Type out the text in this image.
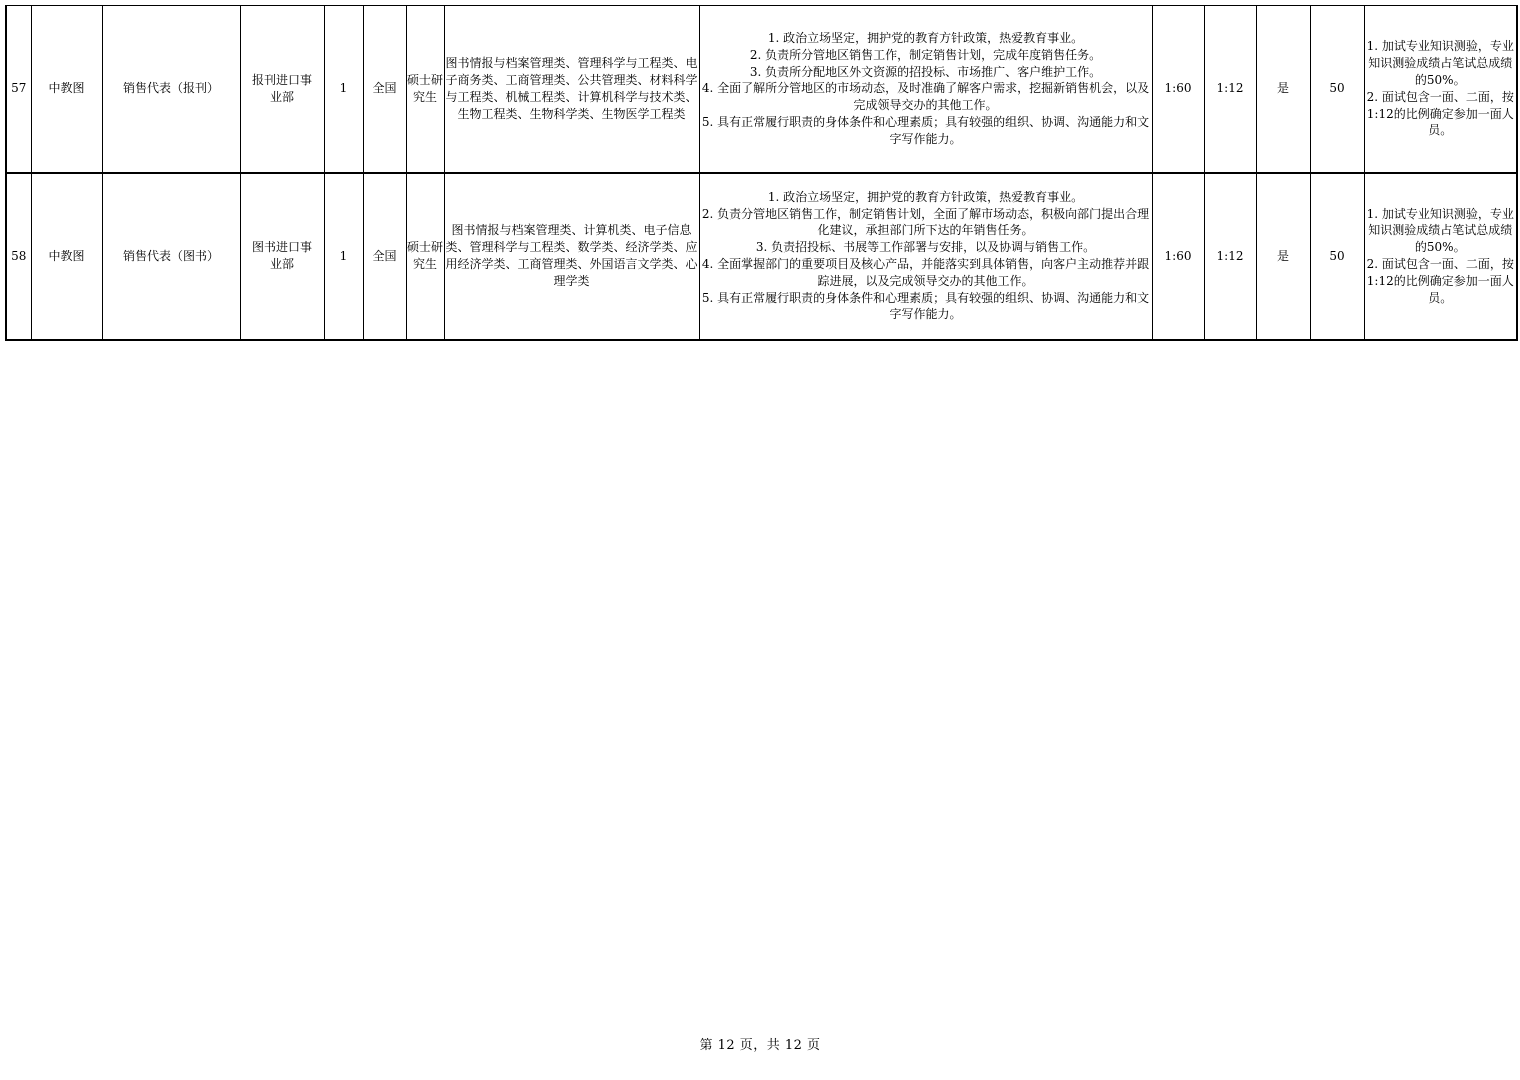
57	中教图	销售代表（报刊）	报刊进口事业部	1	全国	硕士研究生	图书情报与档案管理类、管理科学与工程类、电子商务类、工商管理类、公共管理类、材料科学与工程类、机械工程类、计算机科学与技术类、生物工程类、生物科学类、生物医学工程类	1. 政治立场坚定，拥护党的教育方针政策，热爱教育事业。
2. 负责所分管地区销售工作，制定销售计划，完成年度销售任务。
3. 负责所分配地区外文资源的招投标、市场推广、客户维护工作。
4. 全面了解所分管地区的市场动态，及时准确了解客户需求，挖掘新销售机会，以及完成领导交办的其他工作。
5. 具有正常履行职责的身体条件和心理素质；具有较强的组织、协调、沟通能力和文字写作能力。	1:60	1:12	是	50	1. 加试专业知识测验，专业知识测验成绩占笔试总成绩的50%。
2. 面试包含一面、二面，按1:12的比例确定参加一面人员。

58	中教图	销售代表（图书）	图书进口事业部	1	全国	硕士研究生	图书情报与档案管理类、计算机类、电子信息类、管理科学与工程类、数学类、经济学类、应用经济学类、工商管理类、外国语言文学类、心理学类	1. 政治立场坚定，拥护党的教育方针政策，热爱教育事业。
2. 负责分管地区销售工作，制定销售计划，全面了解市场动态，积极向部门提出合理化建议，承担部门所下达的年销售任务。
3. 负责招投标、书展等工作部署与安排，以及协调与销售工作。
4. 全面掌握部门的重要项目及核心产品，并能落实到具体销售，向客户主动推荐并跟踪进展，以及完成领导交办的其他工作。
5. 具有正常履行职责的身体条件和心理素质；具有较强的组织、协调、沟通能力和文字写作能力。	1:60	1:12	是	50	1. 加试专业知识测验，专业知识测验成绩占笔试总成绩的50%。
2. 面试包含一面、二面，按1:12的比例确定参加一面人员。
第 12 页，共 12 页
